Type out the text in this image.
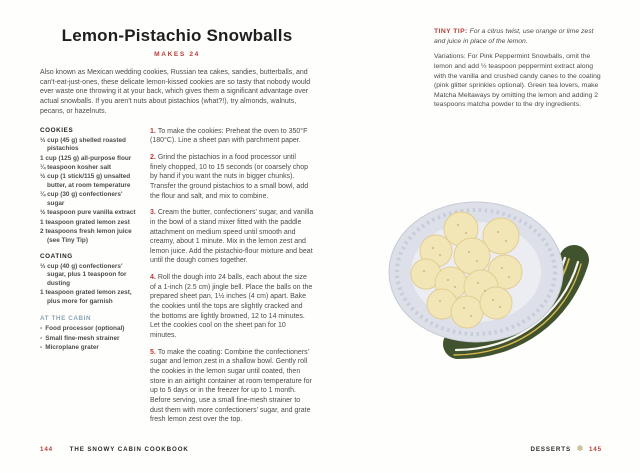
Lemon-Pistachio Snowballs
MAKES 24

Also known as Mexican wedding cookies, Russian tea cakes, sandies, butterballs, and can't-eat-just-ones, these delicate lemon-kissed cookies are so tasty that nobody would ever waste one throwing it at your back, which gives them a significant advantage over actual snowballs. If you aren't nuts about pistachios (what?!), try almonds, walnuts, pecans, or hazelnuts.

COOKIES
⅓ cup (45 g) shelled roasted pistachios
1 cup (125 g) all-purpose flour
¼ teaspoon kosher salt
½ cup (1 stick/115 g) unsalted butter, at room temperature
¼ cup (30 g) confectioners' sugar
½ teaspoon pure vanilla extract
1 teaspoon grated lemon zest
2 teaspoons fresh lemon juice (see Tiny Tip)
COATING
⅓ cup (40 g) confectioners' sugar, plus 1 teaspoon for dusting
1 teaspoon grated lemon zest, plus more for garnish
AT THE CABIN
• Food processor (optional)
• Small fine-mesh strainer
• Microplane grater

1. To make the cookies: Preheat the oven to 350°F (180°C). Line a sheet pan with parchment paper.

2. Grind the pistachios in a food processor until finely chopped, 10 to 15 seconds (or coarsely chop by hand if you want the nuts in bigger chunks). Transfer the ground pistachios to a small bowl, add the flour and salt, and mix to combine.

3. Cream the butter, confectioners' sugar, and vanilla in the bowl of a stand mixer fitted with the paddle attachment on medium speed until smooth and creamy, about 1 minute. Mix in the lemon zest and lemon juice. Add the pistachio-flour mixture and beat until the dough comes together.

4. Roll the dough into 24 balls, each about the size of a 1-inch (2.5 cm) jingle bell. Place the balls on the prepared sheet pan, 1½ inches (4 cm) apart. Bake the cookies until the tops are slightly cracked and the bottoms are lightly browned, 12 to 14 minutes. Let the cookies cool on the sheet pan for 10 minutes.

5. To make the coating: Combine the confectioners' sugar and lemon zest in a shallow bowl. Gently roll the cookies in the lemon sugar until coated, then store in an airtight container at room temperature for up to 5 days or in the freezer for up to 1 month. Before serving, use a small fine-mesh strainer to dust them with more confectioners' sugar, and grate fresh lemon zest over the top.

TINY TIP: For a citrus twist, use orange or lime zest and juice in place of the lemon.
Variations: For Pink Peppermint Snowballs, omit the lemon and add ½ teaspoon peppermint extract along with the vanilla and crushed candy canes to the coating (pink glitter sprinkles optional). Green tea lovers, make Matcha Meltaways by omitting the lemon and adding 2 teaspoons matcha powder to the dry ingredients.
144	THE SNOWY CABIN COOKBOOK	DESSERTS ❄ 145
